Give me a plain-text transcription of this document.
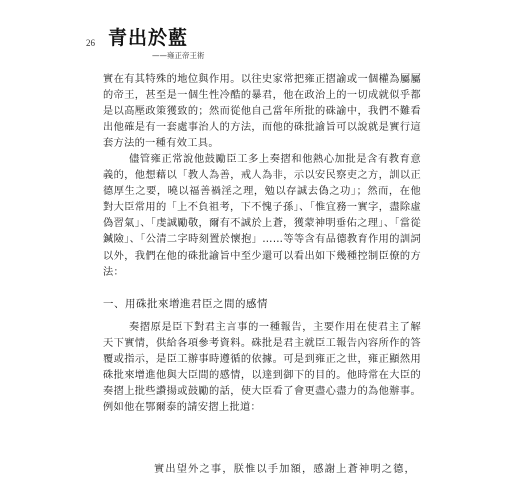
26 青出於藍
——雍正帝王術

實在有其特殊的地位與作用。以往史家常把雍正摺諭或一個權為屬屬的帝王，甚至是一個生性冷酷的暴君，他在政治上的一切成就似乎都是以高壓政策獲致的；然而從他自己當年所批的硃諭中，我們不難看出他確是有一套處事治人的方法，而他的硃批諭旨可以說就是實行這套方法的一種有效工具。

儘管雍正常說他鼓勵臣工多上奏摺和他熱心加批是含有教育意義的，他想藉以「教人為善，戒人為非，示以安民察吏之方，訓以正德厚生之要，曉以福善禍淫之理，勉以存誠去偽之功」；然而，在他對大臣常用的「上不負祖考，下不愧子孫」、「惟宜務一實字，盡除虛偽習氣」、「虔誠勵敬，爾有不誠於上蒼，獲蒙神明垂佑之理」、「當從鍼險」、「公清二字時刻置於懷抱」……等等含有品德教育作用的訓詞以外，我們在他的硃批諭旨中至少還可以看出如下幾種控制臣僚的方法：

一、用硃批來增進君臣之間的感情

奏摺原是臣下對君主言事的一種報告，主要作用在使君主了解天下實情，供給各項參考資料。硃批是君主就臣工報告內容所作的答覆或指示，是臣工辦事時遵循的依據。可是到雍正之世，雍正顯然用硃批來增進他與大臣間的感情，以達到御下的目的。他時常在大臣的奏摺上批些讚揚或鼓勵的話，使大臣看了會更盡心盡力的為他辦事。例如他在鄂爾泰的請安摺上批道：

實出望外之事，朕惟以手加額，感謝上蒼神明之德，
